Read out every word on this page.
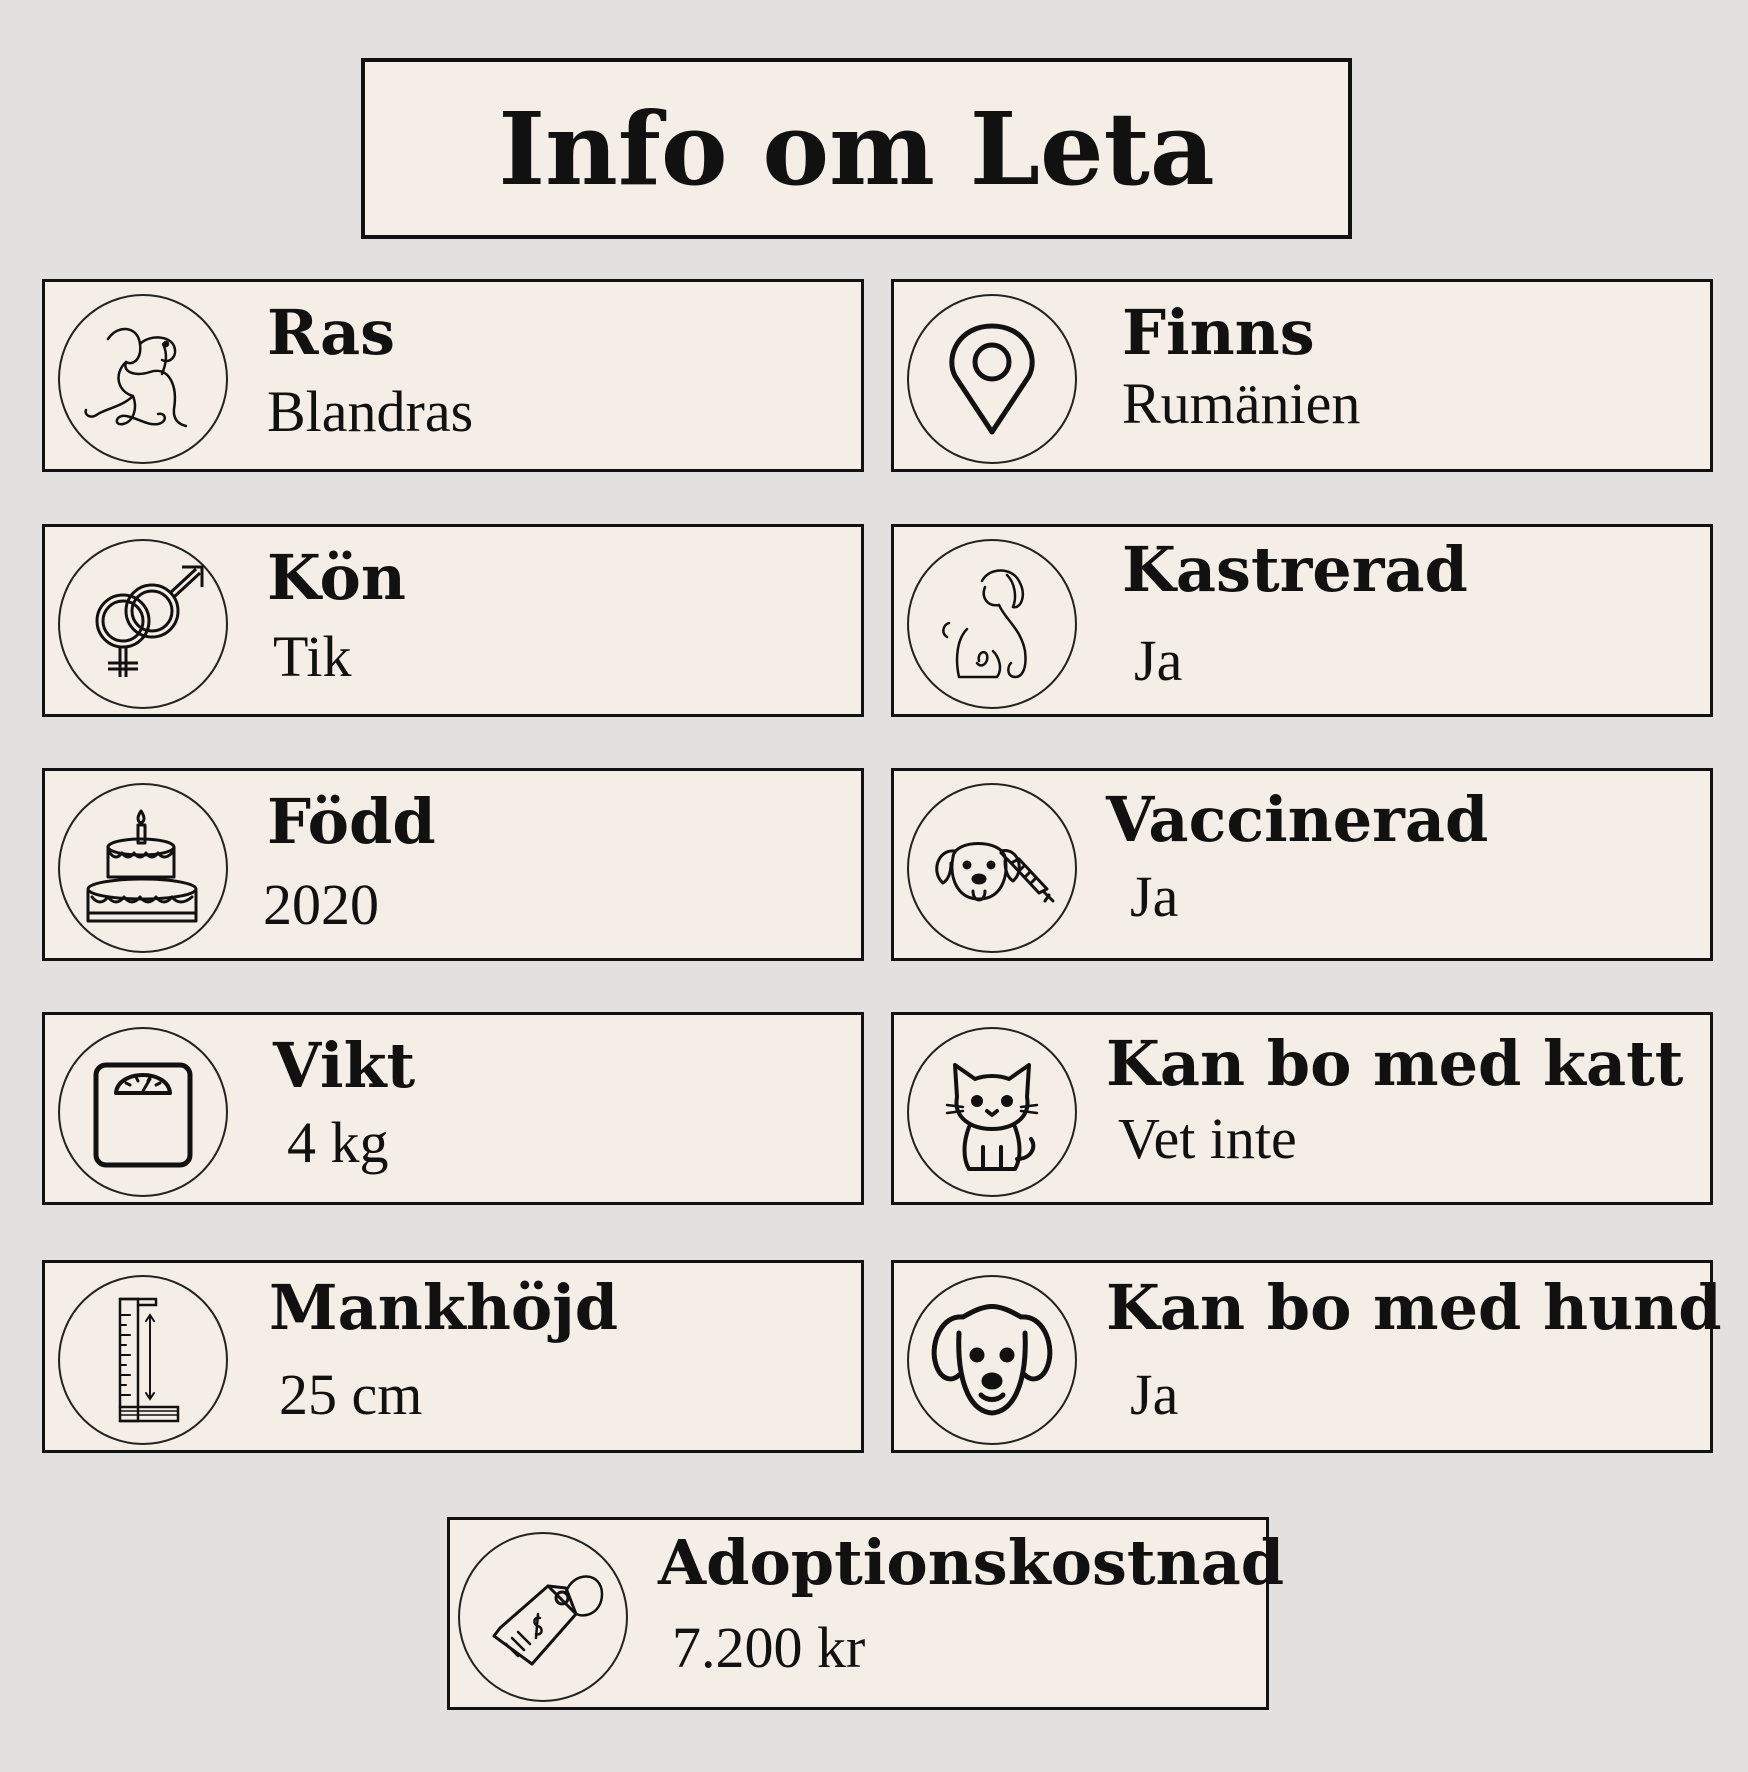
Info om Leta
Ras
Blandras
Finns
Rumänien
Kön
Tik
Kastrerad
Ja
Född
2020
Vaccinerad
Ja
Vikt
4 kg
Kan bo med katt
Vet inte
Mankhöjd
25 cm
Kan bo med hund
Ja
Adoptionskostnad
7.200 kr
